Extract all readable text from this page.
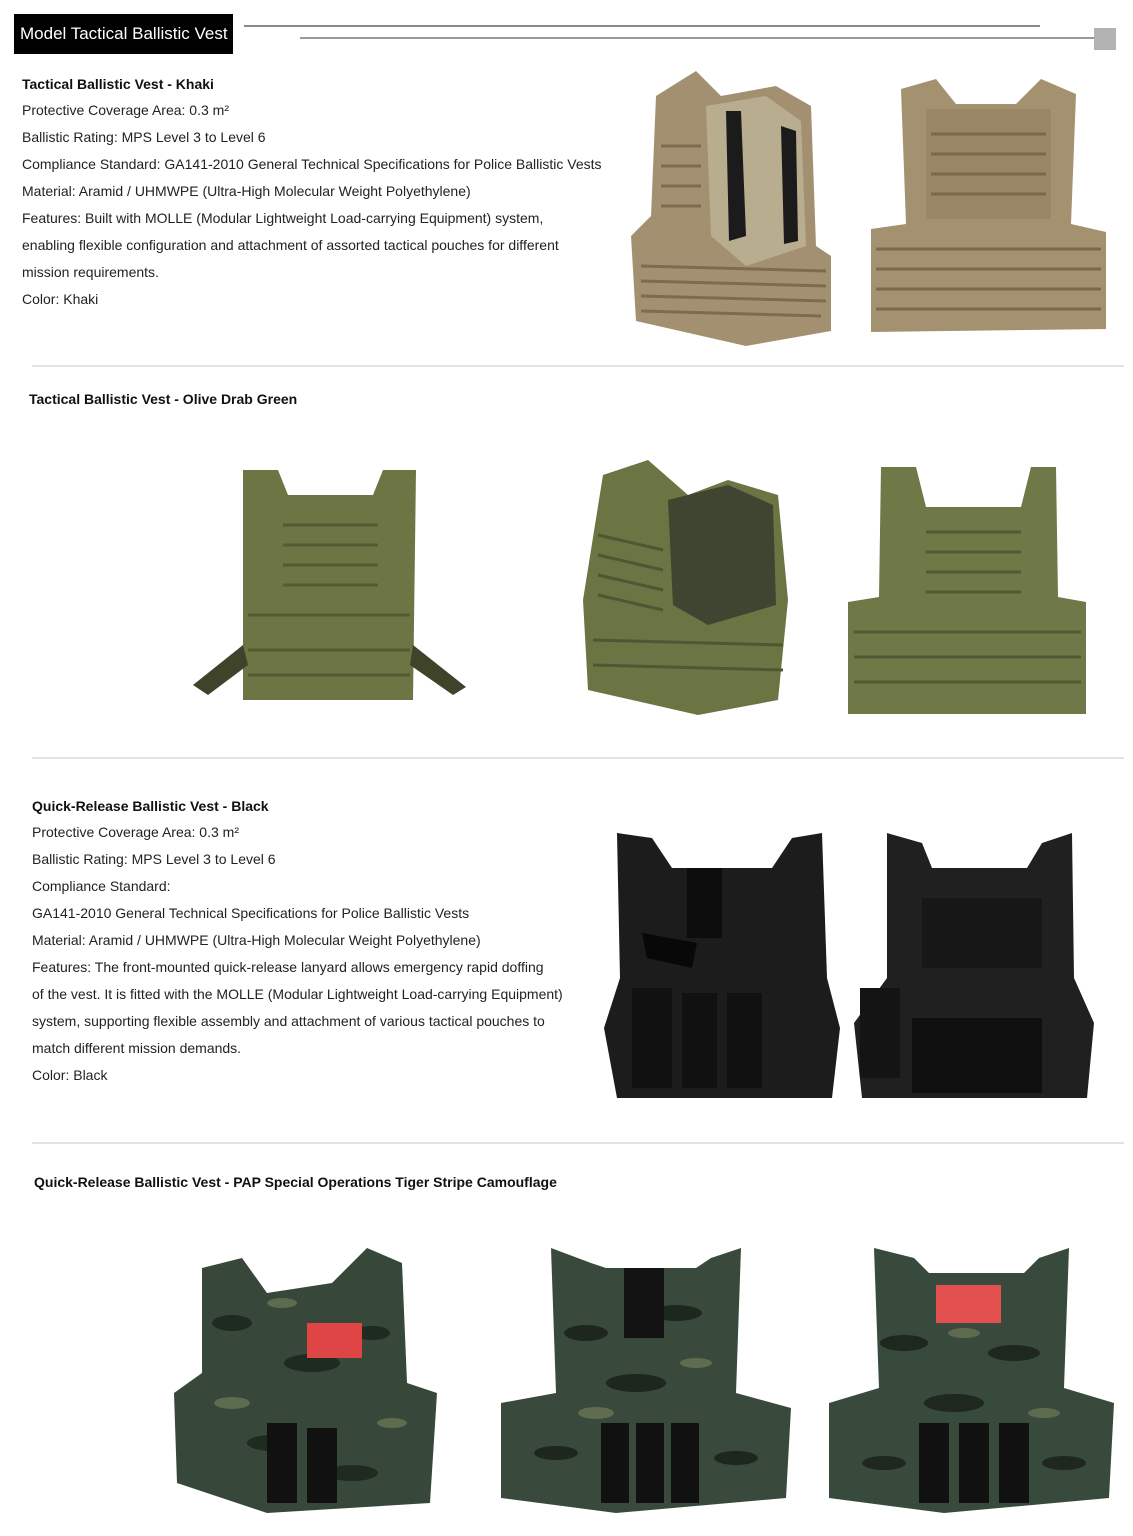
Model Tactical Ballistic Vest
Tactical Ballistic Vest - Khaki
Protective Coverage Area: 0.3 m²
Ballistic Rating: MPS Level 3 to Level 6
Compliance Standard: GA141-2010 General Technical Specifications for Police Ballistic Vests
Material: Aramid / UHMWPE (Ultra-High Molecular Weight Polyethylene)
Features: Built with MOLLE (Modular Lightweight Load-carrying Equipment) system,
enabling flexible configuration and attachment of assorted tactical pouches for different
mission requirements.
Color: Khaki
Tactical Ballistic Vest - Olive Drab Green
Quick-Release Ballistic Vest - Black
Protective Coverage Area: 0.3 m²
Ballistic Rating: MPS Level 3 to Level 6
Compliance Standard:
GA141-2010 General Technical Specifications for Police Ballistic Vests
Material: Aramid / UHMWPE (Ultra-High Molecular Weight Polyethylene)
Features: The front-mounted quick-release lanyard allows emergency rapid doffing
of the vest. It is fitted with the MOLLE (Modular Lightweight Load-carrying Equipment)
system, supporting flexible assembly and attachment of various tactical pouches to
match different mission demands.
Color: Black
Quick-Release Ballistic Vest - PAP Special Operations Tiger Stripe Camouflage
